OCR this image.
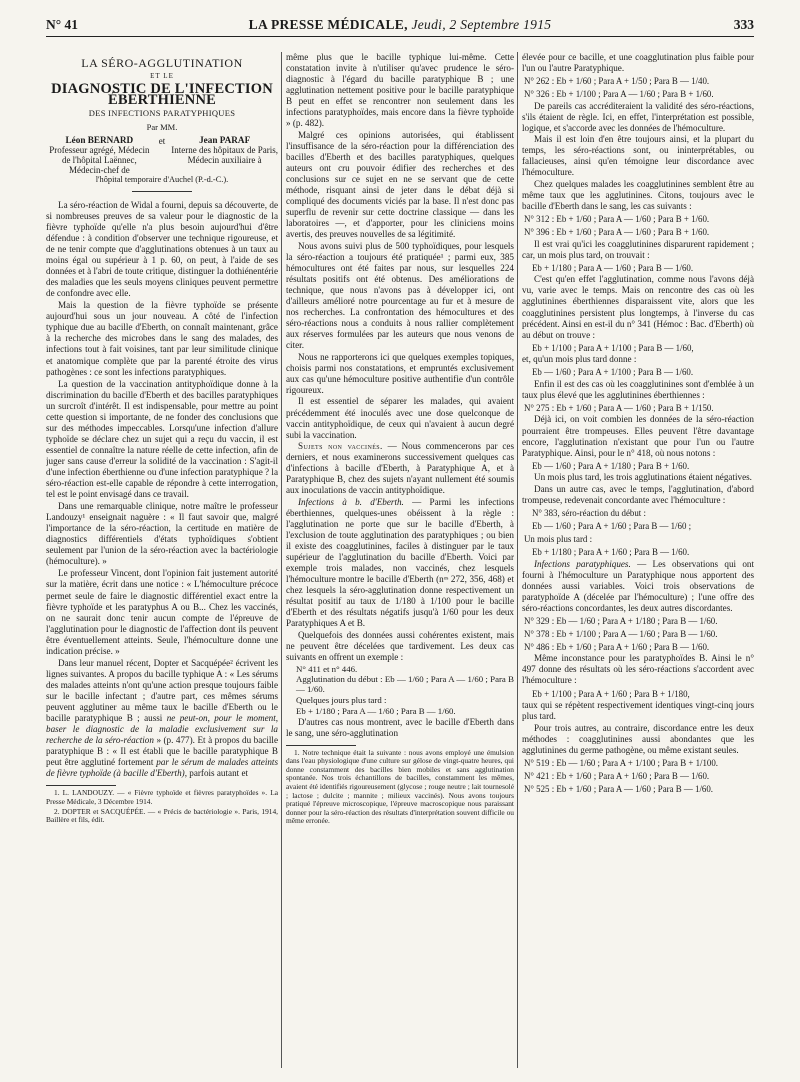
N° 41	LA PRESSE MÉDICALE, Jeudi, 2 Septembre 1915	333
LA SÉRO-AGGLUTINATION
ET LE
DIAGNOSTIC DE L'INFECTION ÉBERTHIENNE
DES INFECTIONS PARATYPHIQUES
Par MM.
Léon BERNARD
Professeur agrégé, Médecin de l'hôpital Laënnec, Médecin-chef de
et	Jean PARAF
Interne des hôpitaux de Paris, Médecin auxiliaire à
l'hôpital temporaire d'Auchel (P.-d.-C.).

La séro-réaction de Widal a fourni, depuis sa découverte, de si nombreuses preuves de sa valeur pour le diagnostic de la fièvre typhoïde qu'elle n'a plus besoin aujourd'hui d'être défendue : à condition d'observer une technique rigoureuse, et de ne tenir compte que d'agglutinations obtenues à un taux au moins égal ou supérieur à 1 p. 60, on peut, à l'aide de ses données et à l'abri de toute critique, distinguer la dothiénentérie des maladies que les seuls moyens cliniques peuvent permettre de confondre avec elle.

Mais la question de la fièvre typhoïde se présente aujourd'hui sous un jour nouveau. A côté de l'infection typhique due au bacille d'Eberth, on connaît maintenant, grâce à la recherche des microbes dans le sang des malades, des infections tout à fait voisines, tant par leur similitude clinique et anatomique complète que par la parenté étroite des virus pathogènes : ce sont les infections paratyphiques.

La question de la vaccination antityphoïdique donne à la discrimination du bacille d'Eberth et des bacilles paratyphiques un surcroît d'intérêt. Il est indispensable, pour mettre au point cette question si importante, de ne fonder des conclusions que sur des méthodes impeccables. Lorsqu'une infection d'allure typhoïde se déclare chez un sujet qui a reçu du vaccin, il est essentiel de connaître la nature réelle de cette infection, afin de juger sans cause d'erreur la solidité de la vaccination : S'agit-il d'une infection éberthienne ou d'une infection paratyphique ? la séro-réaction est-elle capable de répondre à cette interrogation, tel est le point envisagé dans ce travail.

Dans une remarquable clinique, notre maître le professeur Landouzy¹ enseignait naguère : « Il faut savoir que, malgré l'importance de la séro-réaction, la certitude en matière de diagnostics différentiels d'états typhoïdiques s'obtient seulement par l'union de la séro-réaction avec la bactériologie (hémoculture). »

Le professeur Vincent, dont l'opinion fait justement autorité sur la matière, écrit dans une notice : « L'hémoculture précoce permet seule de faire le diagnostic différentiel exact entre la fièvre typhoïde et les paratyphus A ou B... Chez les vaccinés, on ne saurait donc tenir aucun compte de l'épreuve de l'agglutination pour le diagnostic de l'affection dont ils peuvent être éventuellement atteints. Seule, l'hémoculture donne une indication précise. »

Dans leur manuel récent, Dopter et Sacquépée² écrivent les lignes suivantes. A propos du bacille typhique A : « Les sérums des malades atteints n'ont qu'une action presque toujours faible sur le bacille infectant ; d'autre part, ces mêmes sérums peuvent agglutiner au même taux le bacille d'Eberth ou le bacille paratyphique B ; aussi ne peut-on, pour le moment, baser le diagnostic de la maladie exclusivement sur la recherche de la séro-réaction » (p. 477). Et à propos du bacille paratyphique B : « Il est établi que le bacille paratyphique B peut être agglutiné fortement par le sérum de malades atteints de fièvre typhoïde (à bacille d'Eberth), parfois autant et

1. L. LANDOUZY. — « Fièvre typhoïde et fièvres paratyphoïdes ». La Presse Médicale, 3 Décembre 1914.

2. DOPTER et SACQUÉPÉE. — « Précis de bactériologie ». Paris, 1914, Baillère et fils, édit.

même plus que le bacille typhique lui-même. Cette constatation invite à n'utiliser qu'avec prudence le séro-diagnostic à l'égard du bacille paratyphique B ; une agglutination nettement positive pour le bacille paratyphique B peut en effet se rencontrer non seulement dans les infections paratyphoïdes, mais encore dans la fièvre typhoïde » (p. 482).

Malgré ces opinions autorisées, qui établissent l'insuffisance de la séro-réaction pour la différenciation des bacilles d'Eberth et des bacilles paratyphiques, quelques auteurs ont cru pouvoir édifier des recherches et des conclusions sur ce sujet en ne se servant que de cette méthode, risquant ainsi de jeter dans le débat déjà si compliqué des documents viciés par la base. Il n'est donc pas superflu de revenir sur cette doctrine classique — dans les laboratoires —, et d'apporter, pour les cliniciens moins avertis, des preuves nouvelles de sa légitimité.

Nous avons suivi plus de 500 typhoïdiques, pour lesquels la séro-réaction a toujours été pratiquée¹ ; parmi eux, 385 hémocultures ont été faites par nous, sur lesquelles 224 résultats positifs ont été obtenus. Des améliorations de technique, que nous n'avons pas à développer ici, ont d'ailleurs amélioré notre pourcentage au fur et à mesure de nos recherches. La confrontation des hémocultures et des séro-réactions nous a conduits à nous rallier complètement aux réserves formulées par les auteurs que nous venons de citer.

Nous ne rapporterons ici que quelques exemples topiques, choisis parmi nos constatations, et empruntés exclusivement aux cas qu'une hémoculture positive authentifie d'un contrôle rigoureux.

Il est essentiel de séparer les malades, qui avaient précédemment été inoculés avec une dose quelconque de vaccin antityphoïdique, de ceux qui n'avaient à aucun degré subi la vaccination.

Sujets non vaccinés. — Nous commencerons par ces derniers, et nous examinerons successivement quelques cas d'infections à bacille d'Eberth, à Paratyphique A, et à Paratyphique B, chez des sujets n'ayant nullement été soumis aux inoculations de vaccin antityphoïdique.

Infections à b. d'Eberth. — Parmi les infections éberthiennes, quelques-unes obéissent à la règle : l'agglutination ne porte que sur le bacille d'Eberth, à l'exclusion de toute agglutination des paratyphiques ; ou bien il existe des coagglutinines, faciles à distinguer par le taux supérieur de l'agglutination du bacille d'Eberth. Voici par exemple trois malades, non vaccinés, chez lesquels l'hémoculture montre le bacille d'Eberth (nᵒˢ 272, 356, 468) et chez lesquels la séro-agglutination donne respectivement un résultat positif au taux de 1/180 à 1/100 pour le bacille d'Eberth et des résultats négatifs jusqu'à 1/60 pour les deux Paratyphiques A et B.

Quelquefois des données aussi cohérentes existent, mais ne peuvent être décelées que tardivement. Les deux cas suivants en offrent un exemple :

N° 411 et n° 446.

Agglutination du début : Eb — 1/60 ; Para A — 1/60 ; Para B — 1/60.

Quelques jours plus tard :

Eb + 1/180 ; Para A — 1/60 ; Para B — 1/60.

D'autres cas nous montrent, avec le bacille d'Eberth dans le sang, une séro-agglutination

1. Notre technique était la suivante : nous avons employé une émulsion dans l'eau physiologique d'une culture sur gélose de vingt-quatre heures, qui donne constamment des bacilles bien mobiles et sans agglutination spontanée. Nos trois échantillons de bacilles, constamment les mêmes, avaient été identifiés rigoureusement (glycose ; rouge neutre ; lait tournesolé ; lactose ; dulcite ; mannite ; milieux vaccinés). Nous avons toujours pratiqué l'épreuve microscopique, l'épreuve macroscopique nous paraissant donner pour la séro-réaction des résultats d'interprétation souvent difficile ou même erronée.

élevée pour ce bacille, et une coagglutination plus faible pour l'un ou l'autre Paratyphique.

N° 262 : Eb + 1/60 ; Para A + 1/50 ; Para B — 1/40.

N° 326 : Eb + 1/100 ; Para A — 1/60 ; Para B + 1/60.

De pareils cas accréditeraient la validité des séro-réactions, s'ils étaient de règle. Ici, en effet, l'interprétation est possible, logique, et s'accorde avec les données de l'hémoculture.

Mais il est loin d'en être toujours ainsi, et la plupart du temps, les séro-réactions sont, ou ininterprétables, ou fallacieuses, ainsi qu'en témoigne leur discordance avec l'hémoculture.

Chez quelques malades les coagglutinines semblent être au même taux que les agglutinines. Citons, toujours avec le bacille d'Eberth dans le sang, les cas suivants :

N° 312 : Eb + 1/60 ; Para A — 1/60 ; Para B + 1/60.

N° 396 : Eb + 1/60 ; Para A — 1/60 ; Para B + 1/60.

Il est vrai qu'ici les coagglutinines disparurent rapidement ; car, un mois plus tard, on trouvait :

Eb + 1/180 ; Para A — 1/60 ; Para B — 1/60.

C'est qu'en effet l'agglutination, comme nous l'avons déjà vu, varie avec le temps. Mais on rencontre des cas où les agglutinines éberthiennes disparaissent vite, alors que les coagglutinines persistent plus longtemps, à l'inverse du cas précédent. Ainsi en est-il du n° 341 (Hémoc : Bac. d'Eberth) où au début on trouve :

Eb + 1/100 ; Para A + 1/100 ; Para B — 1/60,

et, qu'un mois plus tard donne :

Eb — 1/60 ; Para A + 1/100 ; Para B — 1/60.

Enfin il est des cas où les coagglutinines sont d'emblée à un taux plus élevé que les agglutinines éberthiennes :

N° 275 : Eb + 1/60 ; Para A — 1/60 ; Para B + 1/150.

Déjà ici, on voit combien les données de la séro-réaction pourraient être trompeuses. Elles peuvent l'être davantage encore, l'agglutination n'existant que pour l'un ou l'autre Paratyphique. Ainsi, pour le n° 418, où nous notons :

Eb — 1/60 ; Para A + 1/180 ; Para B + 1/60.

Un mois plus tard, les trois agglutinations étaient négatives.

Dans un autre cas, avec le temps, l'agglutination, d'abord trompeuse, redevenait concordante avec l'hémoculture :

N° 383, séro-réaction du début :

Eb — 1/60 ; Para A + 1/60 ; Para B — 1/60 ;

Un mois plus tard :

Eb + 1/180 ; Para A + 1/60 ; Para B — 1/60.

Infections paratyphiques. — Les observations qui ont fourni à l'hémoculture un Paratyphique nous apportent des données aussi variables. Voici trois observations de paratyphoïde A (décelée par l'hémoculture) ; l'une offre des séro-réactions concordantes, les deux autres discordantes.

N° 329 : Eb — 1/60 ; Para A + 1/180 ; Para B — 1/60.

N° 378 : Eb + 1/100 ; Para A — 1/60 ; Para B — 1/60.

N° 486 : Eb + 1/60 ; Para A + 1/60 ; Para B — 1/60.

Même inconstance pour les paratyphoïdes B. Ainsi le n° 497 donne des résultats où les séro-réactions s'accordent avec l'hémoculture :

Eb + 1/100 ; Para A + 1/60 ; Para B + 1/180,

taux qui se répètent respectivement identiques vingt-cinq jours plus tard.

Pour trois autres, au contraire, discordance entre les deux méthodes : coagglutinines aussi abondantes que les agglutinines du germe pathogène, ou même existant seules.

N° 519 : Eb — 1/60 ; Para A + 1/100 ; Para B + 1/100.

N° 421 : Eb + 1/60 ; Para A + 1/60 ; Para B — 1/60.

N° 525 : Eb + 1/60 ; Para A — 1/60 ; Para B — 1/60.
